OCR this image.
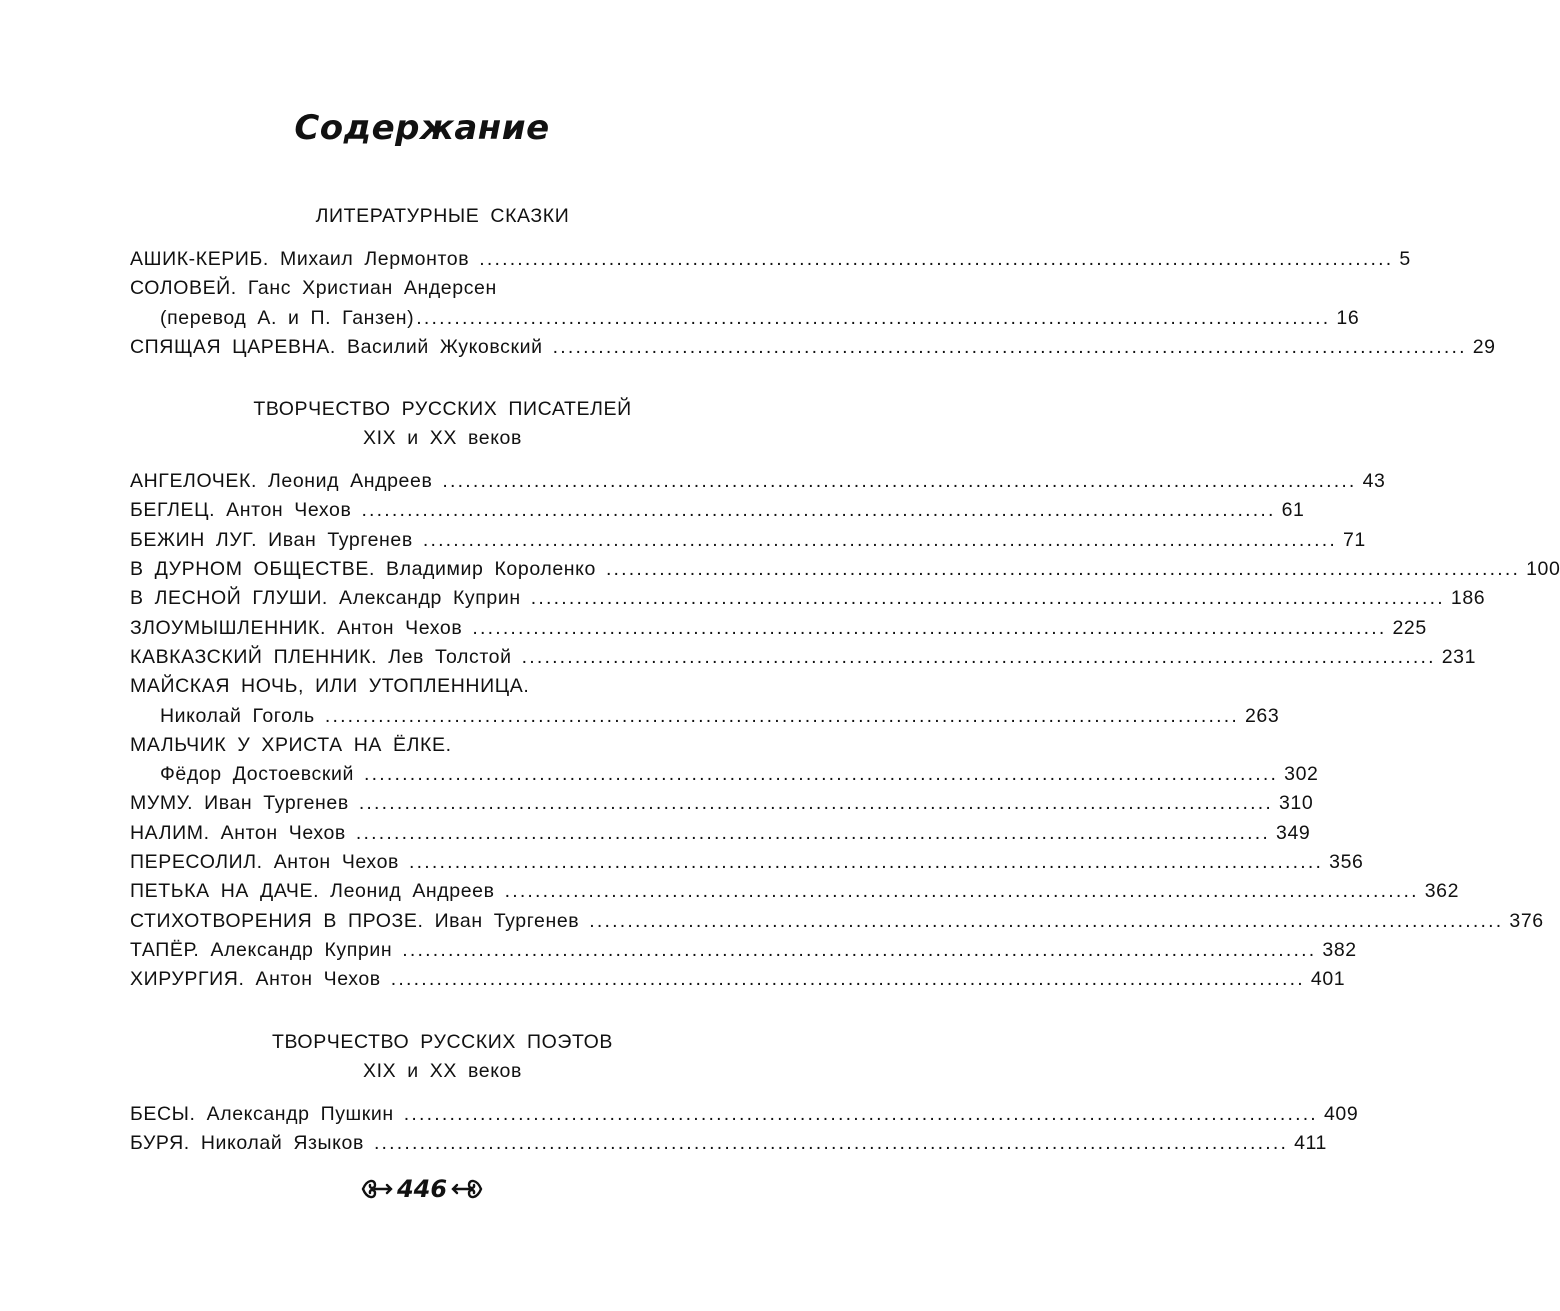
Содержание
ЛИТЕРАТУРНЫЕ СКАЗКИ
АШИК-КЕРИБ. Михаил Лермонтов ........................................................................................................................ 5
СОЛОВЕЙ. Ганс Христиан Андерсен
(перевод А. и П. Ганзен) ........................................................................................................................ 16
СПЯЩАЯ ЦАРЕВНА. Василий Жуковский ........................................................................................................................ 29
ТВОРЧЕСТВО РУССКИХ ПИСАТЕЛЕЙ
XIX и XX веков
АНГЕЛОЧЕК. Леонид Андреев ........................................................................................................................ 43
БЕГЛЕЦ. Антон Чехов ........................................................................................................................ 61
БЕЖИН ЛУГ. Иван Тургенев ........................................................................................................................ 71
В ДУРНОМ ОБЩЕСТВЕ. Владимир Короленко ........................................................................................................................ 100
В ЛЕСНОЙ ГЛУШИ. Александр Куприн ........................................................................................................................ 186
ЗЛОУМЫШЛЕННИК. Антон Чехов ........................................................................................................................ 225
КАВКАЗСКИЙ ПЛЕННИК. Лев Толстой ........................................................................................................................ 231
МАЙСКАЯ НОЧЬ, ИЛИ УТОПЛЕННИЦА.
Николай Гоголь ........................................................................................................................ 263
МАЛЬЧИК У ХРИСТА НА ЁЛКЕ.
Фёдор Достоевский ........................................................................................................................ 302
МУМУ. Иван Тургенев ........................................................................................................................ 310
НАЛИМ. Антон Чехов ........................................................................................................................ 349
ПЕРЕСОЛИЛ. Антон Чехов ........................................................................................................................ 356
ПЕТЬКА НА ДАЧЕ. Леонид Андреев ........................................................................................................................ 362
СТИХОТВОРЕНИЯ В ПРОЗЕ. Иван Тургенев ........................................................................................................................ 376
ТАПЁР. Александр Куприн ........................................................................................................................ 382
ХИРУРГИЯ. Антон Чехов ........................................................................................................................ 401
ТВОРЧЕСТВО РУССКИХ ПОЭТОВ
XIX и XX веков
БЕСЫ. Александр Пушкин ........................................................................................................................ 409
БУРЯ. Николай Языков ........................................................................................................................ 411
446
